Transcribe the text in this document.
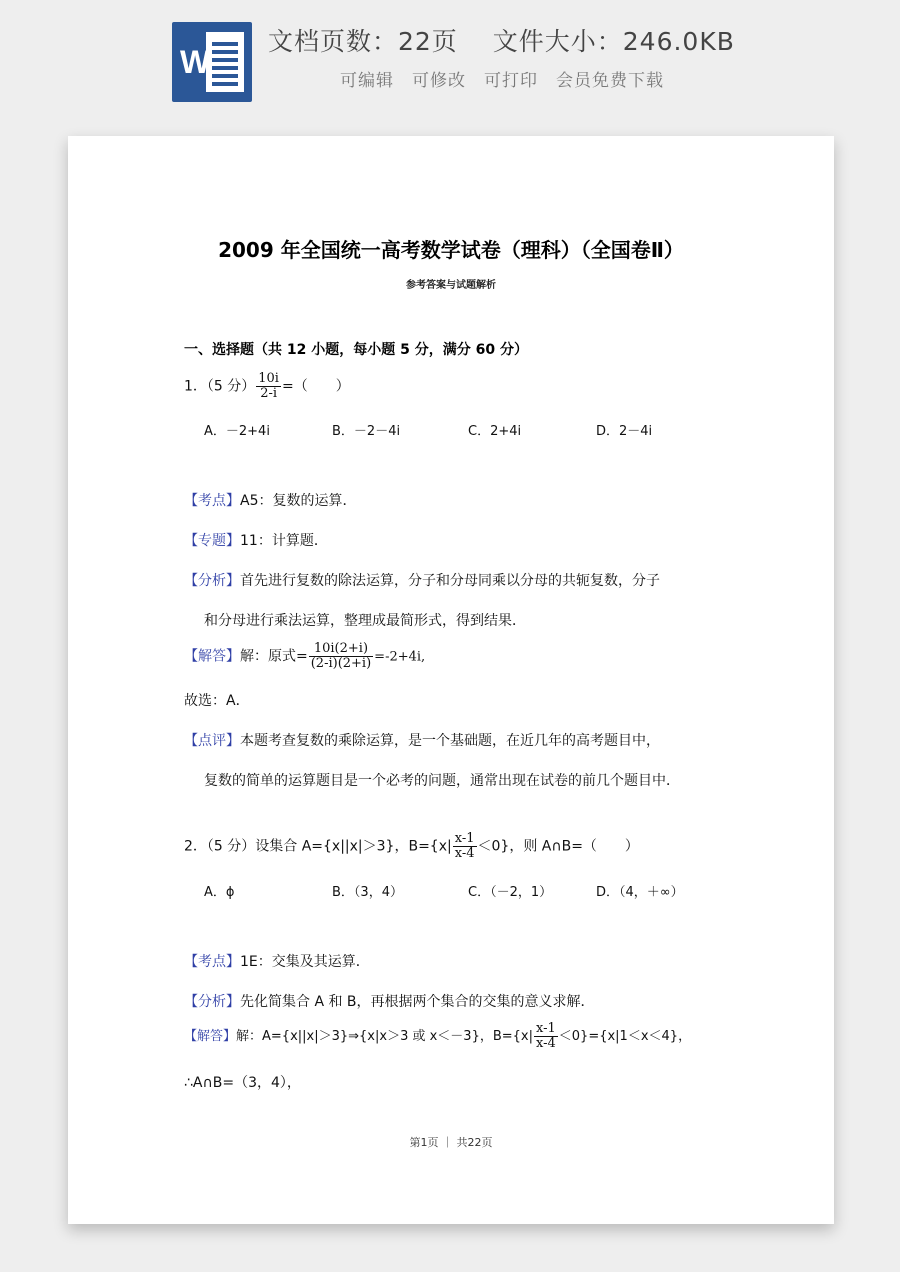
W
文档页数：22页　 文件大小：246.0KB
可编辑　可修改　可打印　会员免费下载
2009 年全国统一高考数学试卷（理科）（全国卷Ⅱ）
参考答案与试题解析
一、选择题（共 12 小题，每小题 5 分，满分 60 分）
1．（5 分） $\frac{10i}{2-i}$ =（　　）
A．－2+4i	B．－2－4i	C．2+4i	D．2－4i
【考点】A5：复数的运算．
【专题】11：计算题．
【分析】首先进行复数的除法运算，分子和分母同乘以分母的共轭复数，分子
和分母进行乘法运算，整理成最简形式，得到结果．
【解答】解：原式= $\frac{10i(2+i)}{(2-i)(2+i)} =-2+4i$,
故选：A．
【点评】本题考查复数的乘除运算，是一个基础题，在近几年的高考题目中，
复数的简单的运算题目是一个必考的问题，通常出现在试卷的前几个题目中．
2．（5 分）设集合 A={x||x|＞3}，$B=\{x| \frac{x-1}{x-4} <0\}$，则 A∩B=（　　）
A．ϕ	B．（3，4）	C．（－2，1）	D．（4，＋∞）
【考点】1E：交集及其运算．
【分析】先化简集合 A 和 B，再根据两个集合的交集的意义求解．
【解答】解：A={x||x|＞3}⇒{x|x＞3 或 x＜－3}，$B=\{x| \frac{x-1}{x-4} <0\}=\{x|1<x<4\}$，
∴A∩B=（3，4），
第1页 ｜ 共22页
